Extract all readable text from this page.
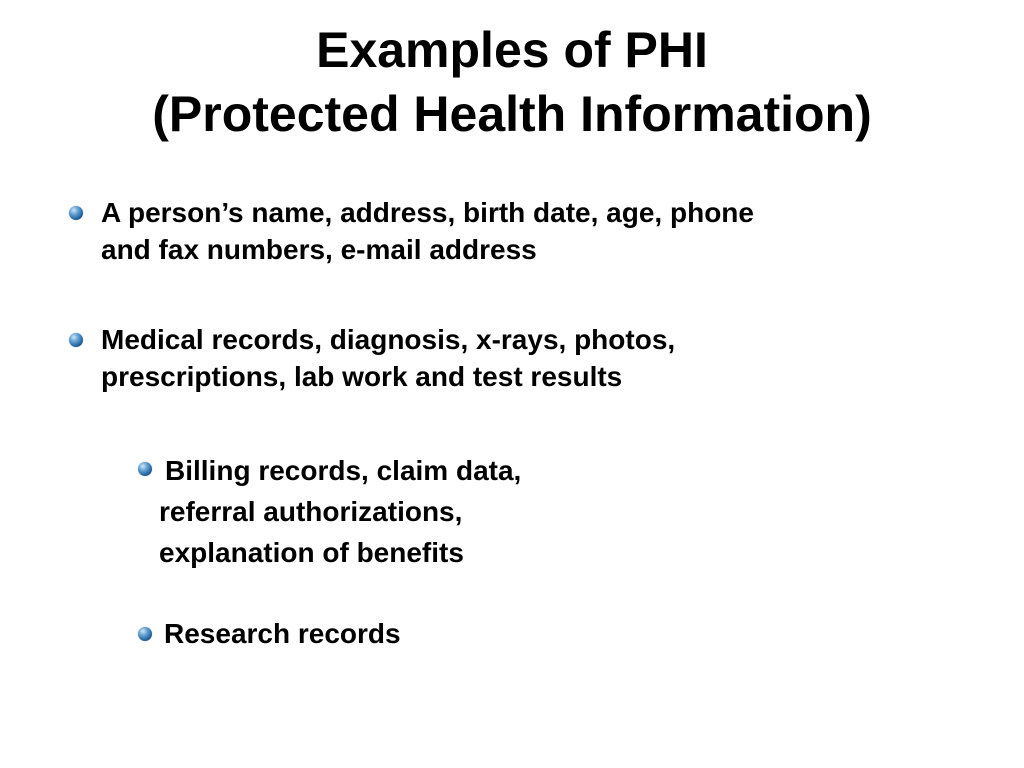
Examples of PHI
(Protected Health Information)
A person’s name, address, birth date, age, phone
and fax numbers, e-mail address
Medical records, diagnosis, x-rays, photos,
prescriptions, lab work and test results
Billing records, claim data,
referral authorizations,
explanation of benefits
Research records
